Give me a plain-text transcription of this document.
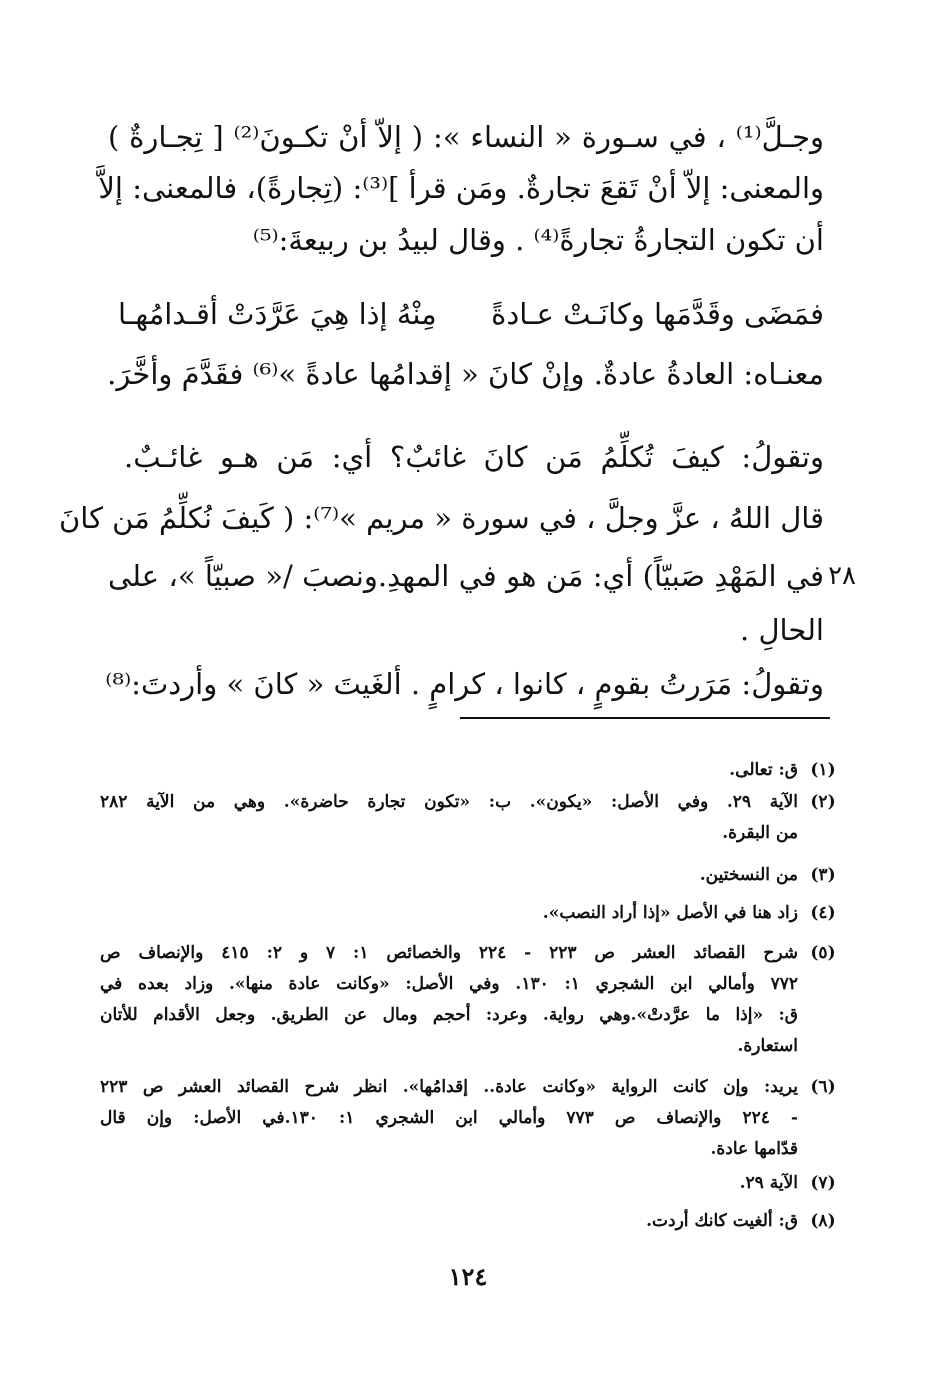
وجـلَّ⁽¹⁾ ، في سـورة « النساء »: ( إلاّ أنْ تكـونَ⁽²⁾ [ تِجـارةٌ )
والمعنى: إلاّ أنْ تَقعَ تجارةٌ. ومَن قرأ ]⁽³⁾: (تِجارةً)، فالمعنى: إلاَّ
أن تكون التجارةُ تجارةً⁽⁴⁾ . وقال لبيدُ بن ربيعةَ:⁽⁵⁾
فمَضَى وقَدَّمَها وكانَـتْ عـادةً
مِنْهُ إذا هِيَ عَرَّدَتْ أقـدامُهـا
معنـاه: العادةُ عادةٌ. وإنْ كانَ « إقدامُها عادةً »⁽⁶⁾ فقَدَّمَ وأخَّرَ.
وتقولُ: كيفَ تُكلِّمُ مَن كانَ غائبٌ؟ أي: مَن هـو غائـبٌ.
قال اللهُ ، عزَّ وجلَّ ، في سورة « مريم »⁽⁷⁾: ( كَيفَ نُكلِّمُ مَن كانَ
في المَهْدِ صَبيّاً) أي: مَن هو في المهدِ.ونصبَ /« صبيّاً »، على ٢٨
الحالِ .
وتقولُ: مَرَرتُ بقومٍ ، كانوا ، كرامٍ . ألغَيتَ « كانَ » وأردتَ:⁽⁸⁾
(١)
ق: تعالى.
(٢)
الآية ٢٩. وفي الأصل: «يكون». ب: «تكون تجارة حاضرة». وهي من الآية ٢٨٢
من البقرة.
(٣)
من النسختين.
(٤)
زاد هنا في الأصل «إذا أراد النصب».
(٥)
شرح القصائد العشر ص ٢٢٣ - ٢٢٤ والخصائص ١: ٧ و ٢: ٤١٥ والإنصاف ص
٧٧٢ وأمالي ابن الشجري ١: ١٣٠. وفي الأصل: «وكانت عادة منها». وزاد بعده في
ق: «إذا ما عرَّدتْ».وهي رواية. وعرد: أحجم ومال عن الطريق. وجعل الأقدام للأتان
استعارة.
(٦)
يريد: وإن كانت الرواية «وكانت عادة.. إقدامُها». انظر شرح القصائد العشر ص ٢٢٣
- ٢٢٤ والإنصاف ص ٧٧٣ وأمالي ابن الشجري ١: ١٣٠.في الأصل: وإن قال
قدّامها عادة.
(٧)
الآية ٢٩.
(٨)
ق: ألغيت كانك أردت.
١٢٤
